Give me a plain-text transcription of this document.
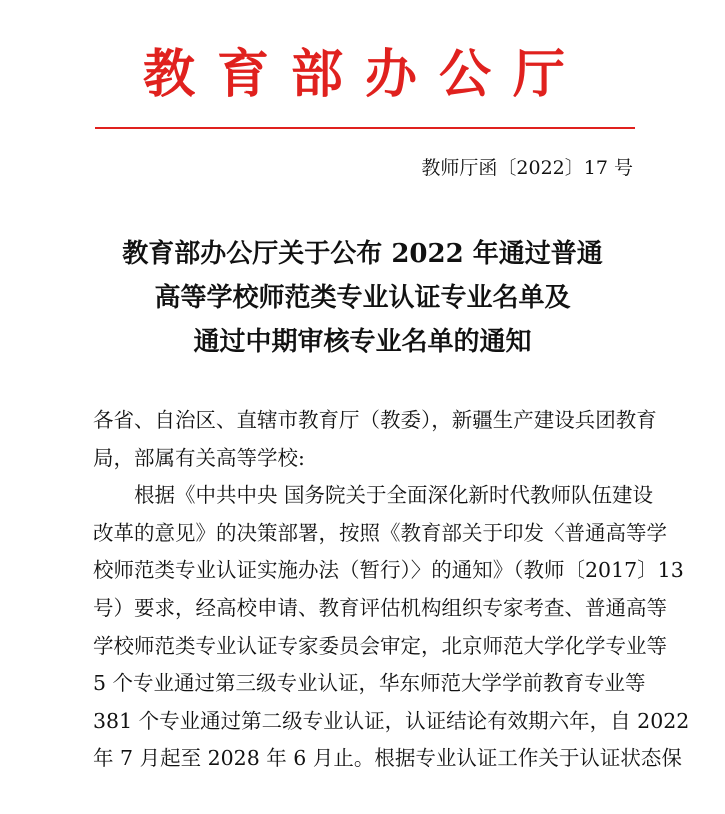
教育部办公厅
教师厅函〔2022〕17 号
教育部办公厅关于公布 2022 年通过普通
高等学校师范类专业认证专业名单及
通过中期审核专业名单的通知
各省、自治区、直辖市教育厅（教委），新疆生产建设兵团教育
局，部属有关高等学校:
　　根据《中共中央 国务院关于全面深化新时代教师队伍建设
改革的意见》的决策部署，按照《教育部关于印发〈普通高等学
校师范类专业认证实施办法（暂行）〉的通知》（教师〔2017〕13
号）要求，经高校申请、教育评估机构组织专家考查、普通高等
学校师范类专业认证专家委员会审定，北京师范大学化学专业等
5 个专业通过第三级专业认证，华东师范大学学前教育专业等
381 个专业通过第二级专业认证，认证结论有效期六年，自 2022
年 7 月起至 2028 年 6 月止。根据专业认证工作关于认证状态保
